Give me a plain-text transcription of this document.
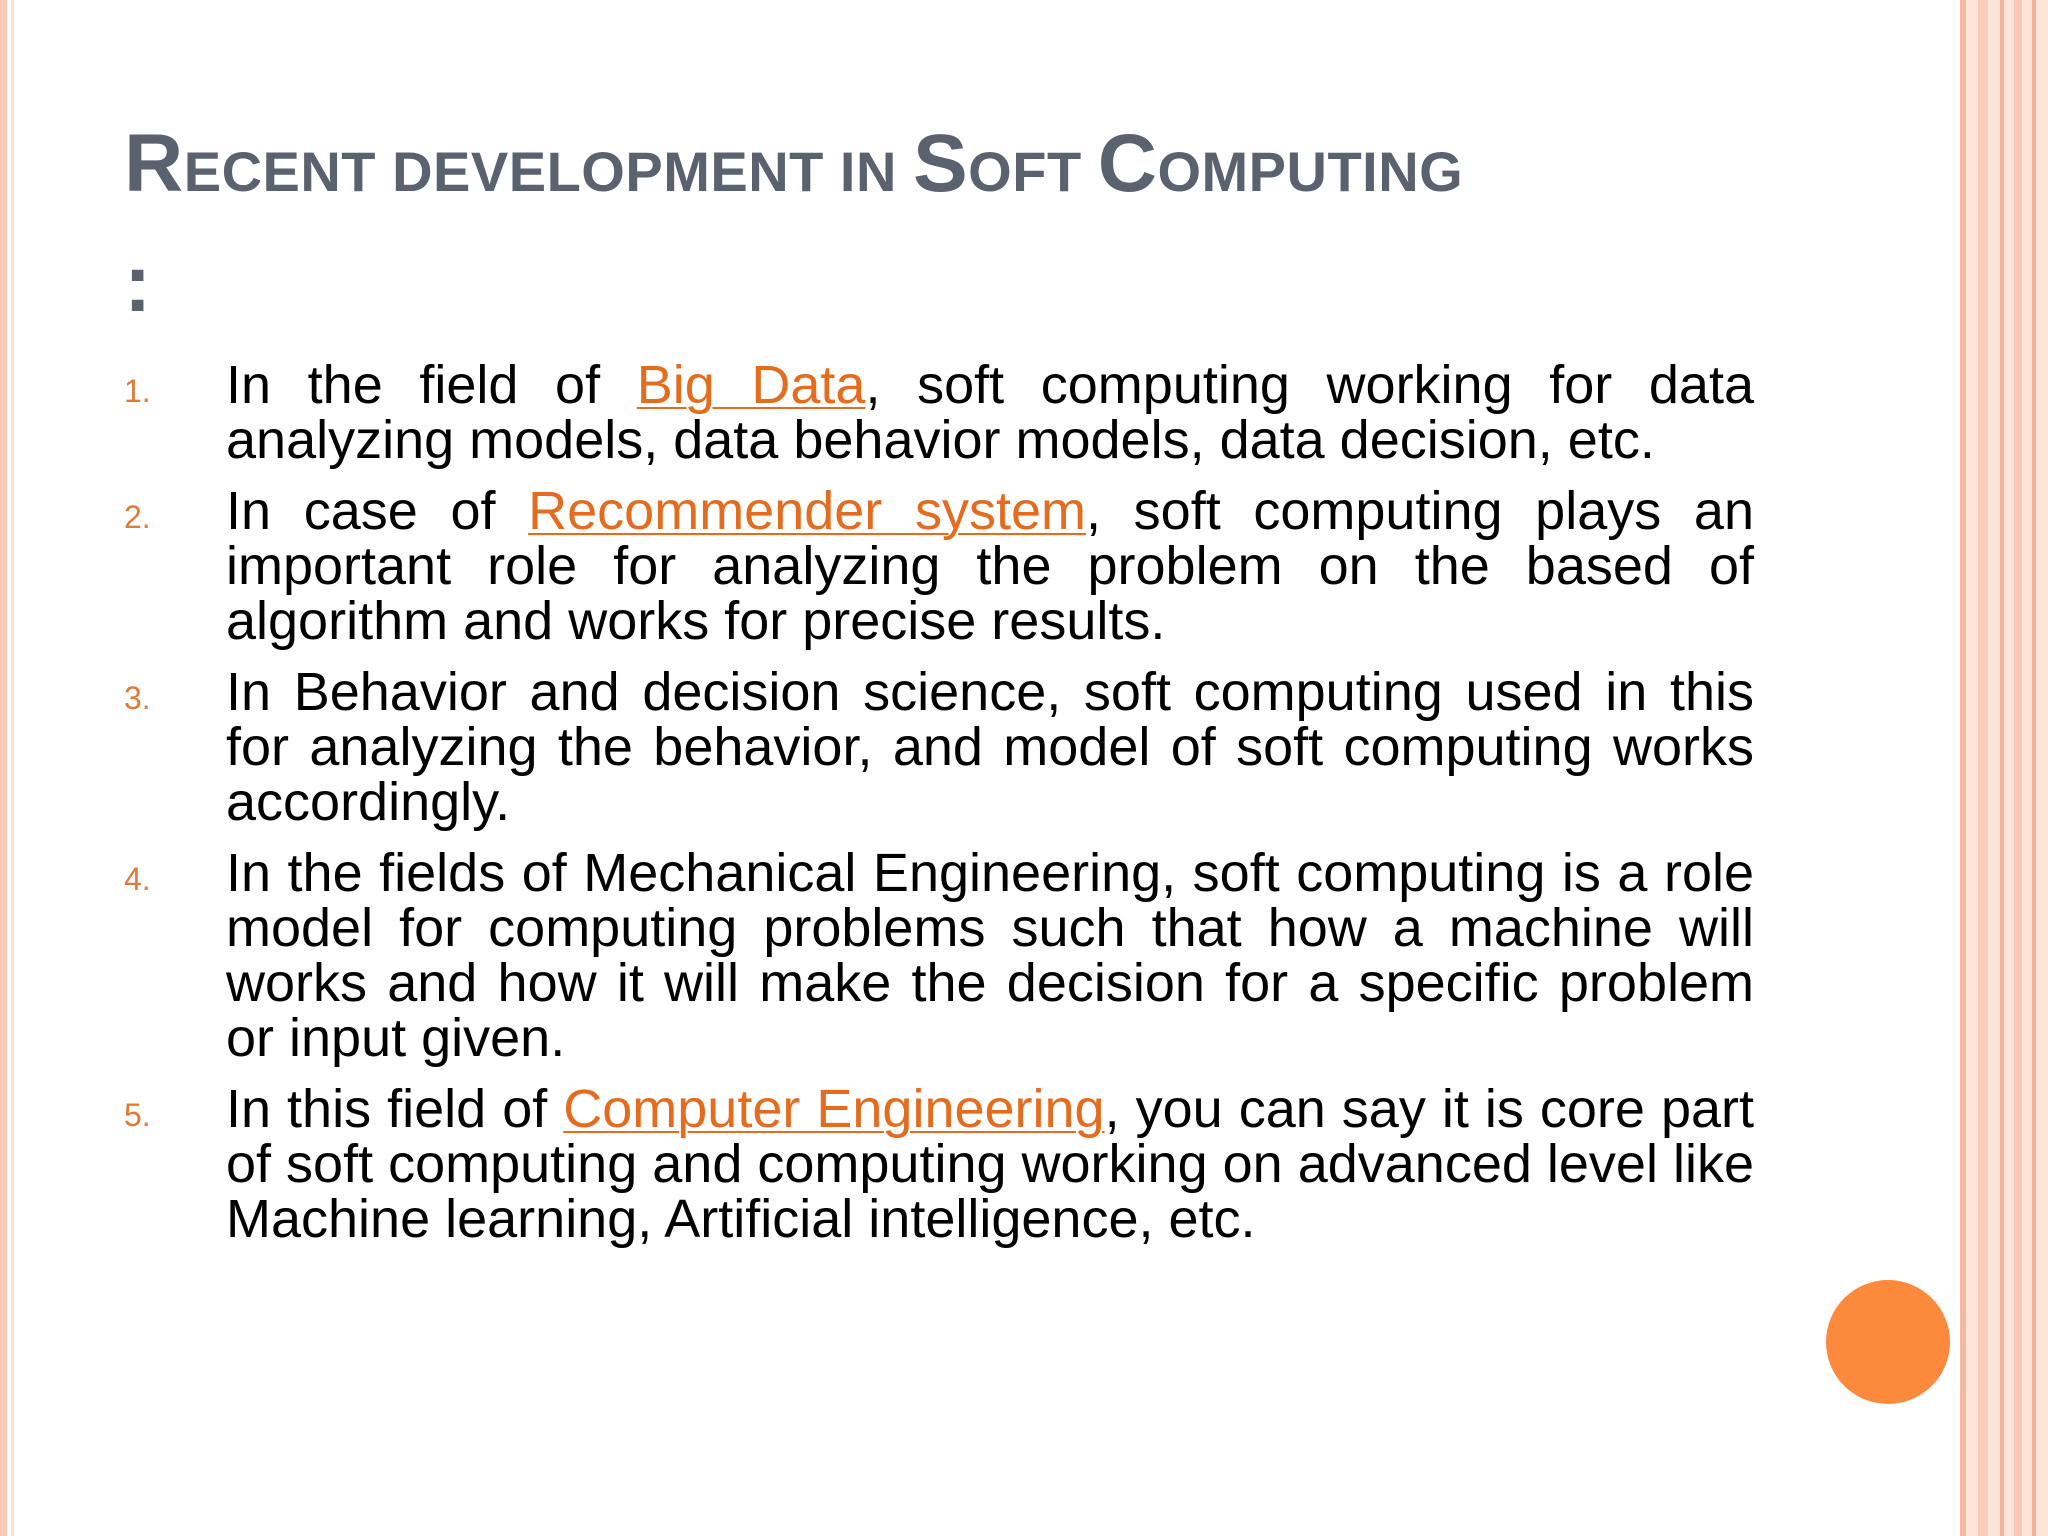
RECENT DEVELOPMENT IN SOFT COMPUTING
:
1.	In the field of Big Data, soft computing working for data analyzing models, data behavior models, data decision, etc.
2.	In case of Recommender system, soft computing plays an important role for analyzing the problem on the based of algorithm and works for precise results.
3.	In Behavior and decision science, soft computing used in this for analyzing the behavior, and model of soft computing works accordingly.
4.	In the fields of Mechanical Engineering, soft computing is a role model for computing problems such that how a machine will works and how it will make the decision for a specific problem or input given.
5.	In this field of Computer Engineering, you can say it is core part of soft computing and computing working on advanced level like Machine learning, Artificial intelligence, etc.
